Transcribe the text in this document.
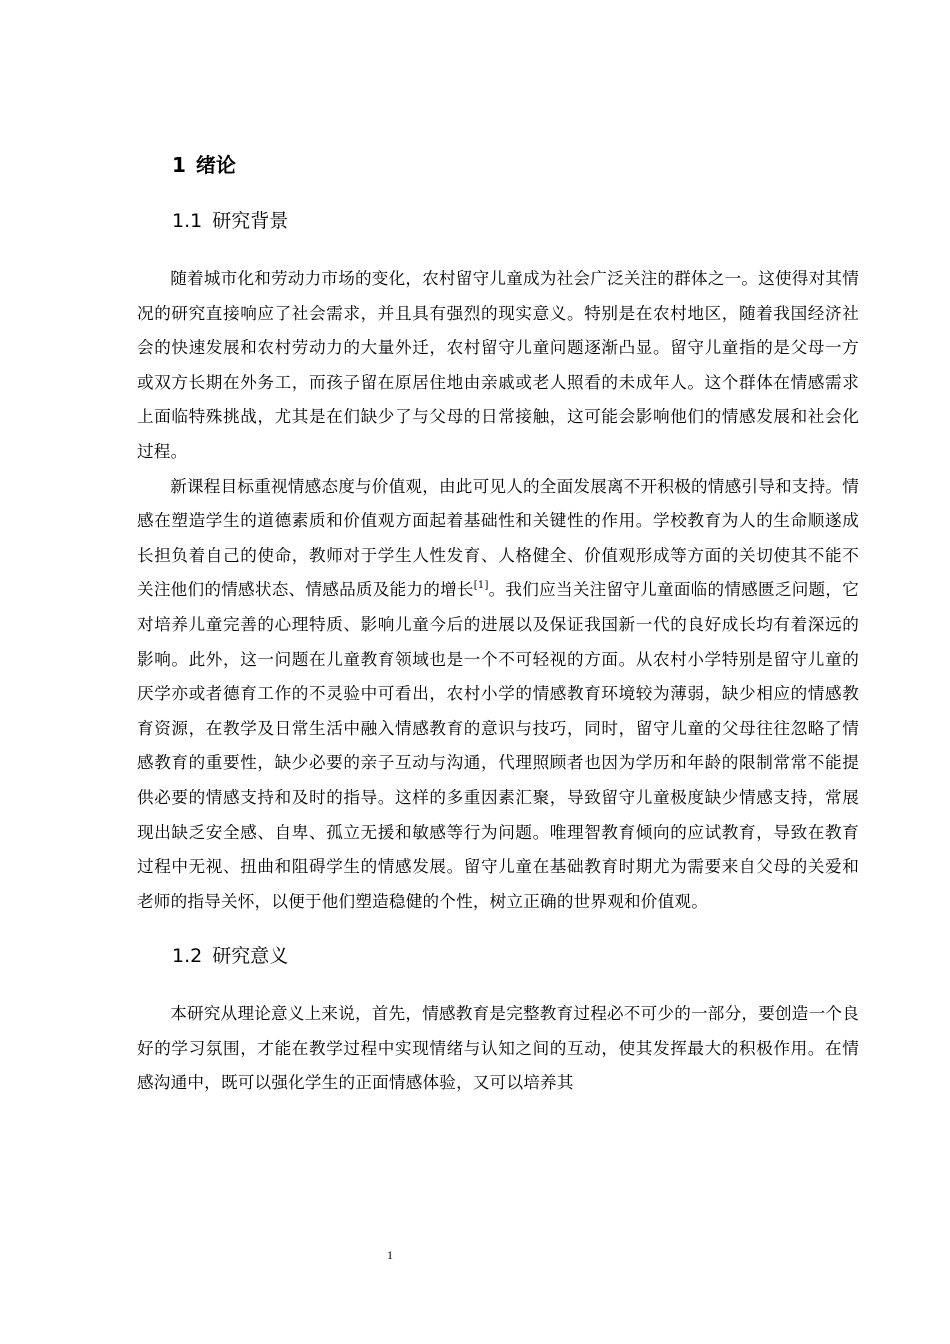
1 绪论
1.1 研究背景

随着城市化和劳动力市场的变化，农村留守儿童成为社会广泛关注的群体之一。这使得对其情况的研究直接响应了社会需求，并且具有强烈的现实意义。特别是在农村地区，随着我国经济社会的快速发展和农村劳动力的大量外迁，农村留守儿童问题逐渐凸显。留守儿童指的是父母一方或双方长期在外务工，而孩子留在原居住地由亲戚或老人照看的未成年人。这个群体在情感需求上面临特殊挑战，尤其是在们缺少了与父母的日常接触，这可能会影响他们的情感发展和社会化过程。

新课程目标重视情感态度与价值观，由此可见人的全面发展离不开积极的情感引导和支持。情感在塑造学生的道德素质和价值观方面起着基础性和关键性的作用。学校教育为人的生命顺遂成长担负着自己的使命，教师对于学生人性发育、人格健全、价值观形成等方面的关切使其不能不关注他们的情感状态、情感品质及能力的增长[1]。我们应当关注留守儿童面临的情感匮乏问题，它对培养儿童完善的心理特质、影响儿童今后的进展以及保证我国新一代的良好成长均有着深远的影响。此外，这一问题在儿童教育领域也是一个不可轻视的方面。从农村小学特别是留守儿童的厌学亦或者德育工作的不灵验中可看出，农村小学的情感教育环境较为薄弱，缺少相应的情感教育资源，在教学及日常生活中融入情感教育的意识与技巧，同时，留守儿童的父母往往忽略了情感教育的重要性，缺少必要的亲子互动与沟通，代理照顾者也因为学历和年龄的限制常常不能提供必要的情感支持和及时的指导。这样的多重因素汇聚，导致留守儿童极度缺少情感支持，常展现出缺乏安全感、自卑、孤立无援和敏感等行为问题。唯理智教育倾向的应试教育，导致在教育过程中无视、扭曲和阻碍学生的情感发展。留守儿童在基础教育时期尤为需要来自父母的关爱和老师的指导关怀，以便于他们塑造稳健的个性，树立正确的世界观和价值观。

1.2 研究意义

本研究从理论意义上来说，首先，情感教育是完整教育过程必不可少的一部分，要创造一个良好的学习氛围，才能在教学过程中实现情绪与认知之间的互动，使其发挥最大的积极作用。在情感沟通中，既可以强化学生的正面情感体验，又可以培养其

1
